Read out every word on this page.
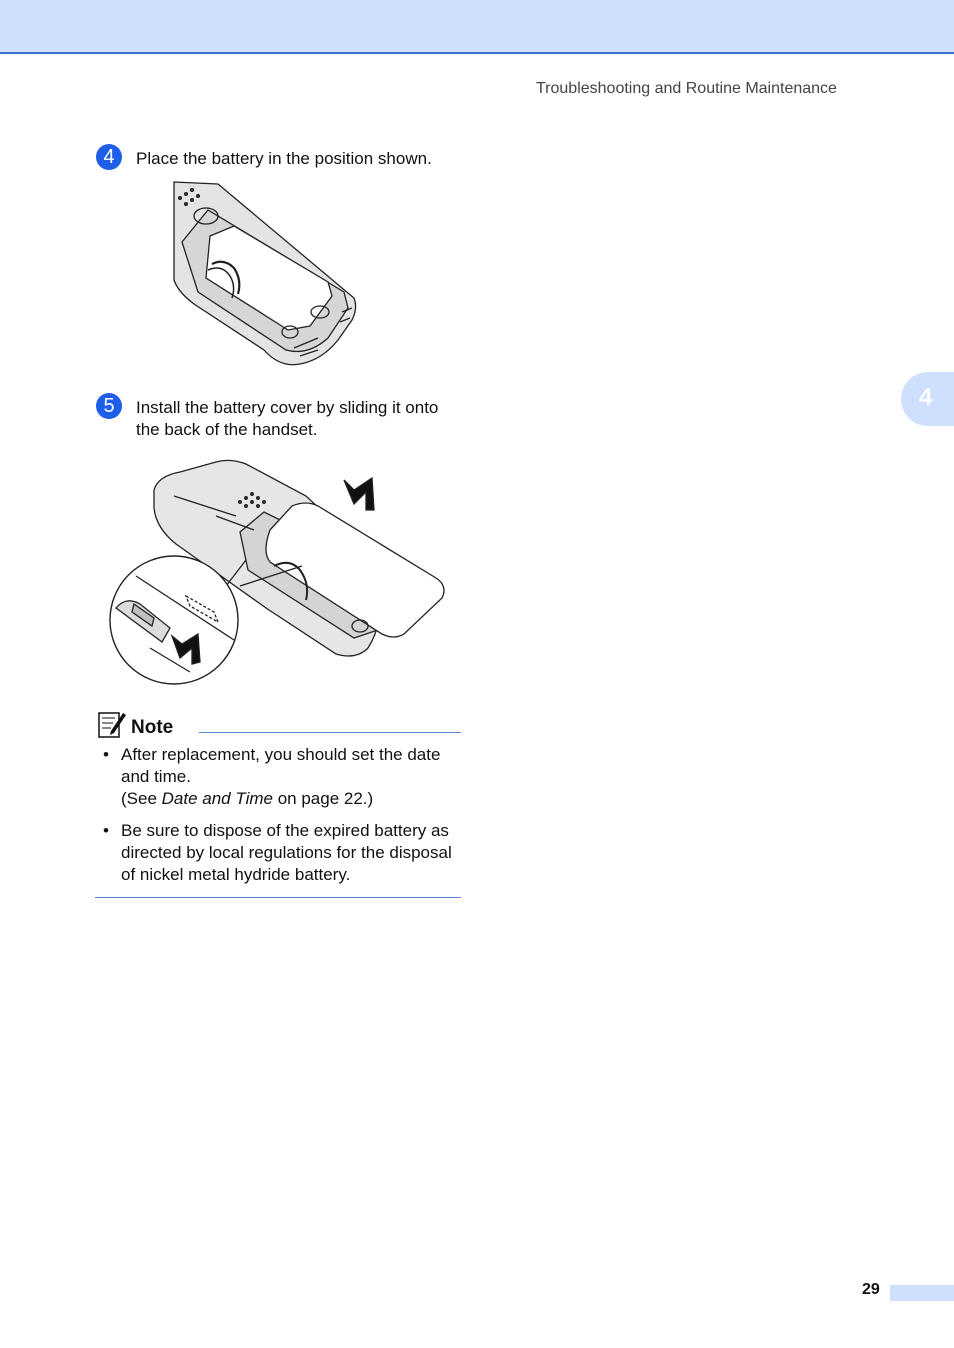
Troubleshooting and Routine Maintenance
4	Place the battery in the position shown.
5	Install the battery cover by sliding it onto the back of the handset.
4
Note
• After replacement, you should set the date and time.
(See Date and Time on page 22.)
• Be sure to dispose of the expired battery as directed by local regulations for the disposal of nickel metal hydride battery.
29
